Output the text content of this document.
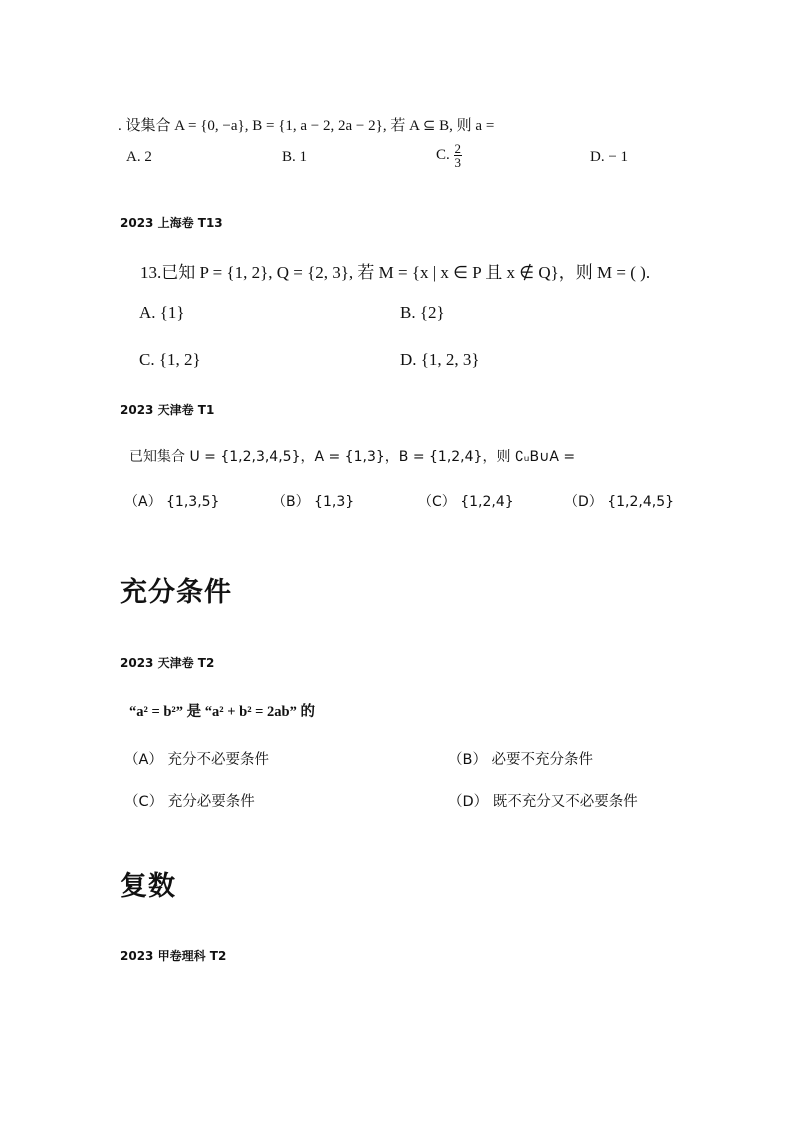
. 设集合 A = {0, −a}, B = {1, a − 2, 2a − 2}, 若 A ⊆ B, 则 a =
A. 2	B. 1	C. $\frac{2}{3}$	D. − 1
2023 上海卷 T13
13.已知 P = {1, 2}, Q = {2, 3}, 若 M = {x | x ∈ P 且 x ∉ Q}，则 M = ( ).
A. {1}	B. {2}
C. {1, 2}	D. {1, 2, 3}
2023 天津卷 T1
已知集合 U = {1,2,3,4,5}，A = {1,3}，B = {1,2,4}，则 ∁ᵤB∪A =
（A） {1,3,5}	（B） {1,3}	（C） {1,2,4}	（D） {1,2,4,5}
充分条件
2023 天津卷 T2
“a² = b²” 是 “a² + b² = 2ab” 的
（A） 充分不必要条件	（B） 必要不充分条件
（C） 充分必要条件	（D） 既不充分又不必要条件
复数
2023 甲卷理科 T2
